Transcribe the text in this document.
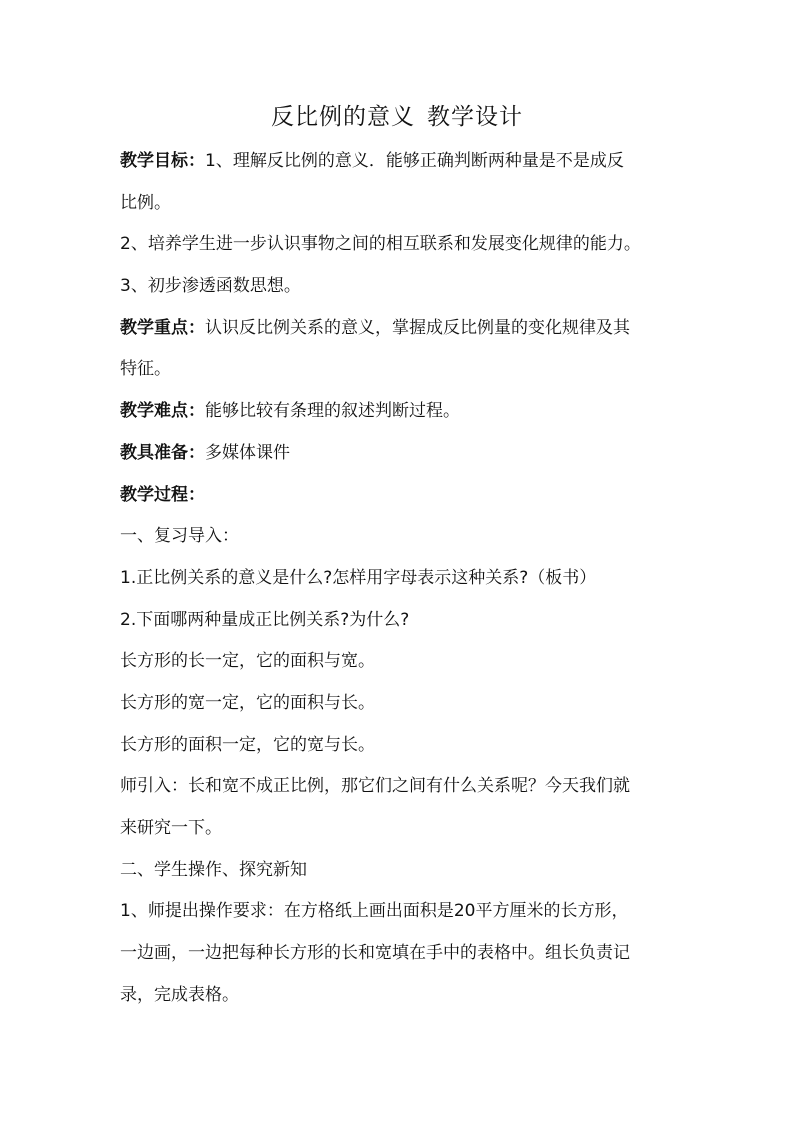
反比例的意义 教学设计
教学目标：1、理解反比例的意义．能够正确判断两种量是不是成反
比例。
2、培养学生进一步认识事物之间的相互联系和发展变化规律的能力。
3、初步渗透函数思想。
教学重点：认识反比例关系的意义，掌握成反比例量的变化规律及其
特征。
教学难点：能够比较有条理的叙述判断过程。
教具准备：多媒体课件
教学过程：
一、复习导入：
1.正比例关系的意义是什么?怎样用字母表示这种关系?（板书）
2.下面哪两种量成正比例关系?为什么?
长方形的长一定，它的面积与宽。
长方形的宽一定，它的面积与长。
长方形的面积一定，它的宽与长。
师引入：长和宽不成正比例，那它们之间有什么关系呢？今天我们就
来研究一下。
二、学生操作、探究新知
1、师提出操作要求：在方格纸上画出面积是20平方厘米的长方形，
一边画，一边把每种长方形的长和宽填在手中的表格中。组长负责记
录，完成表格。
